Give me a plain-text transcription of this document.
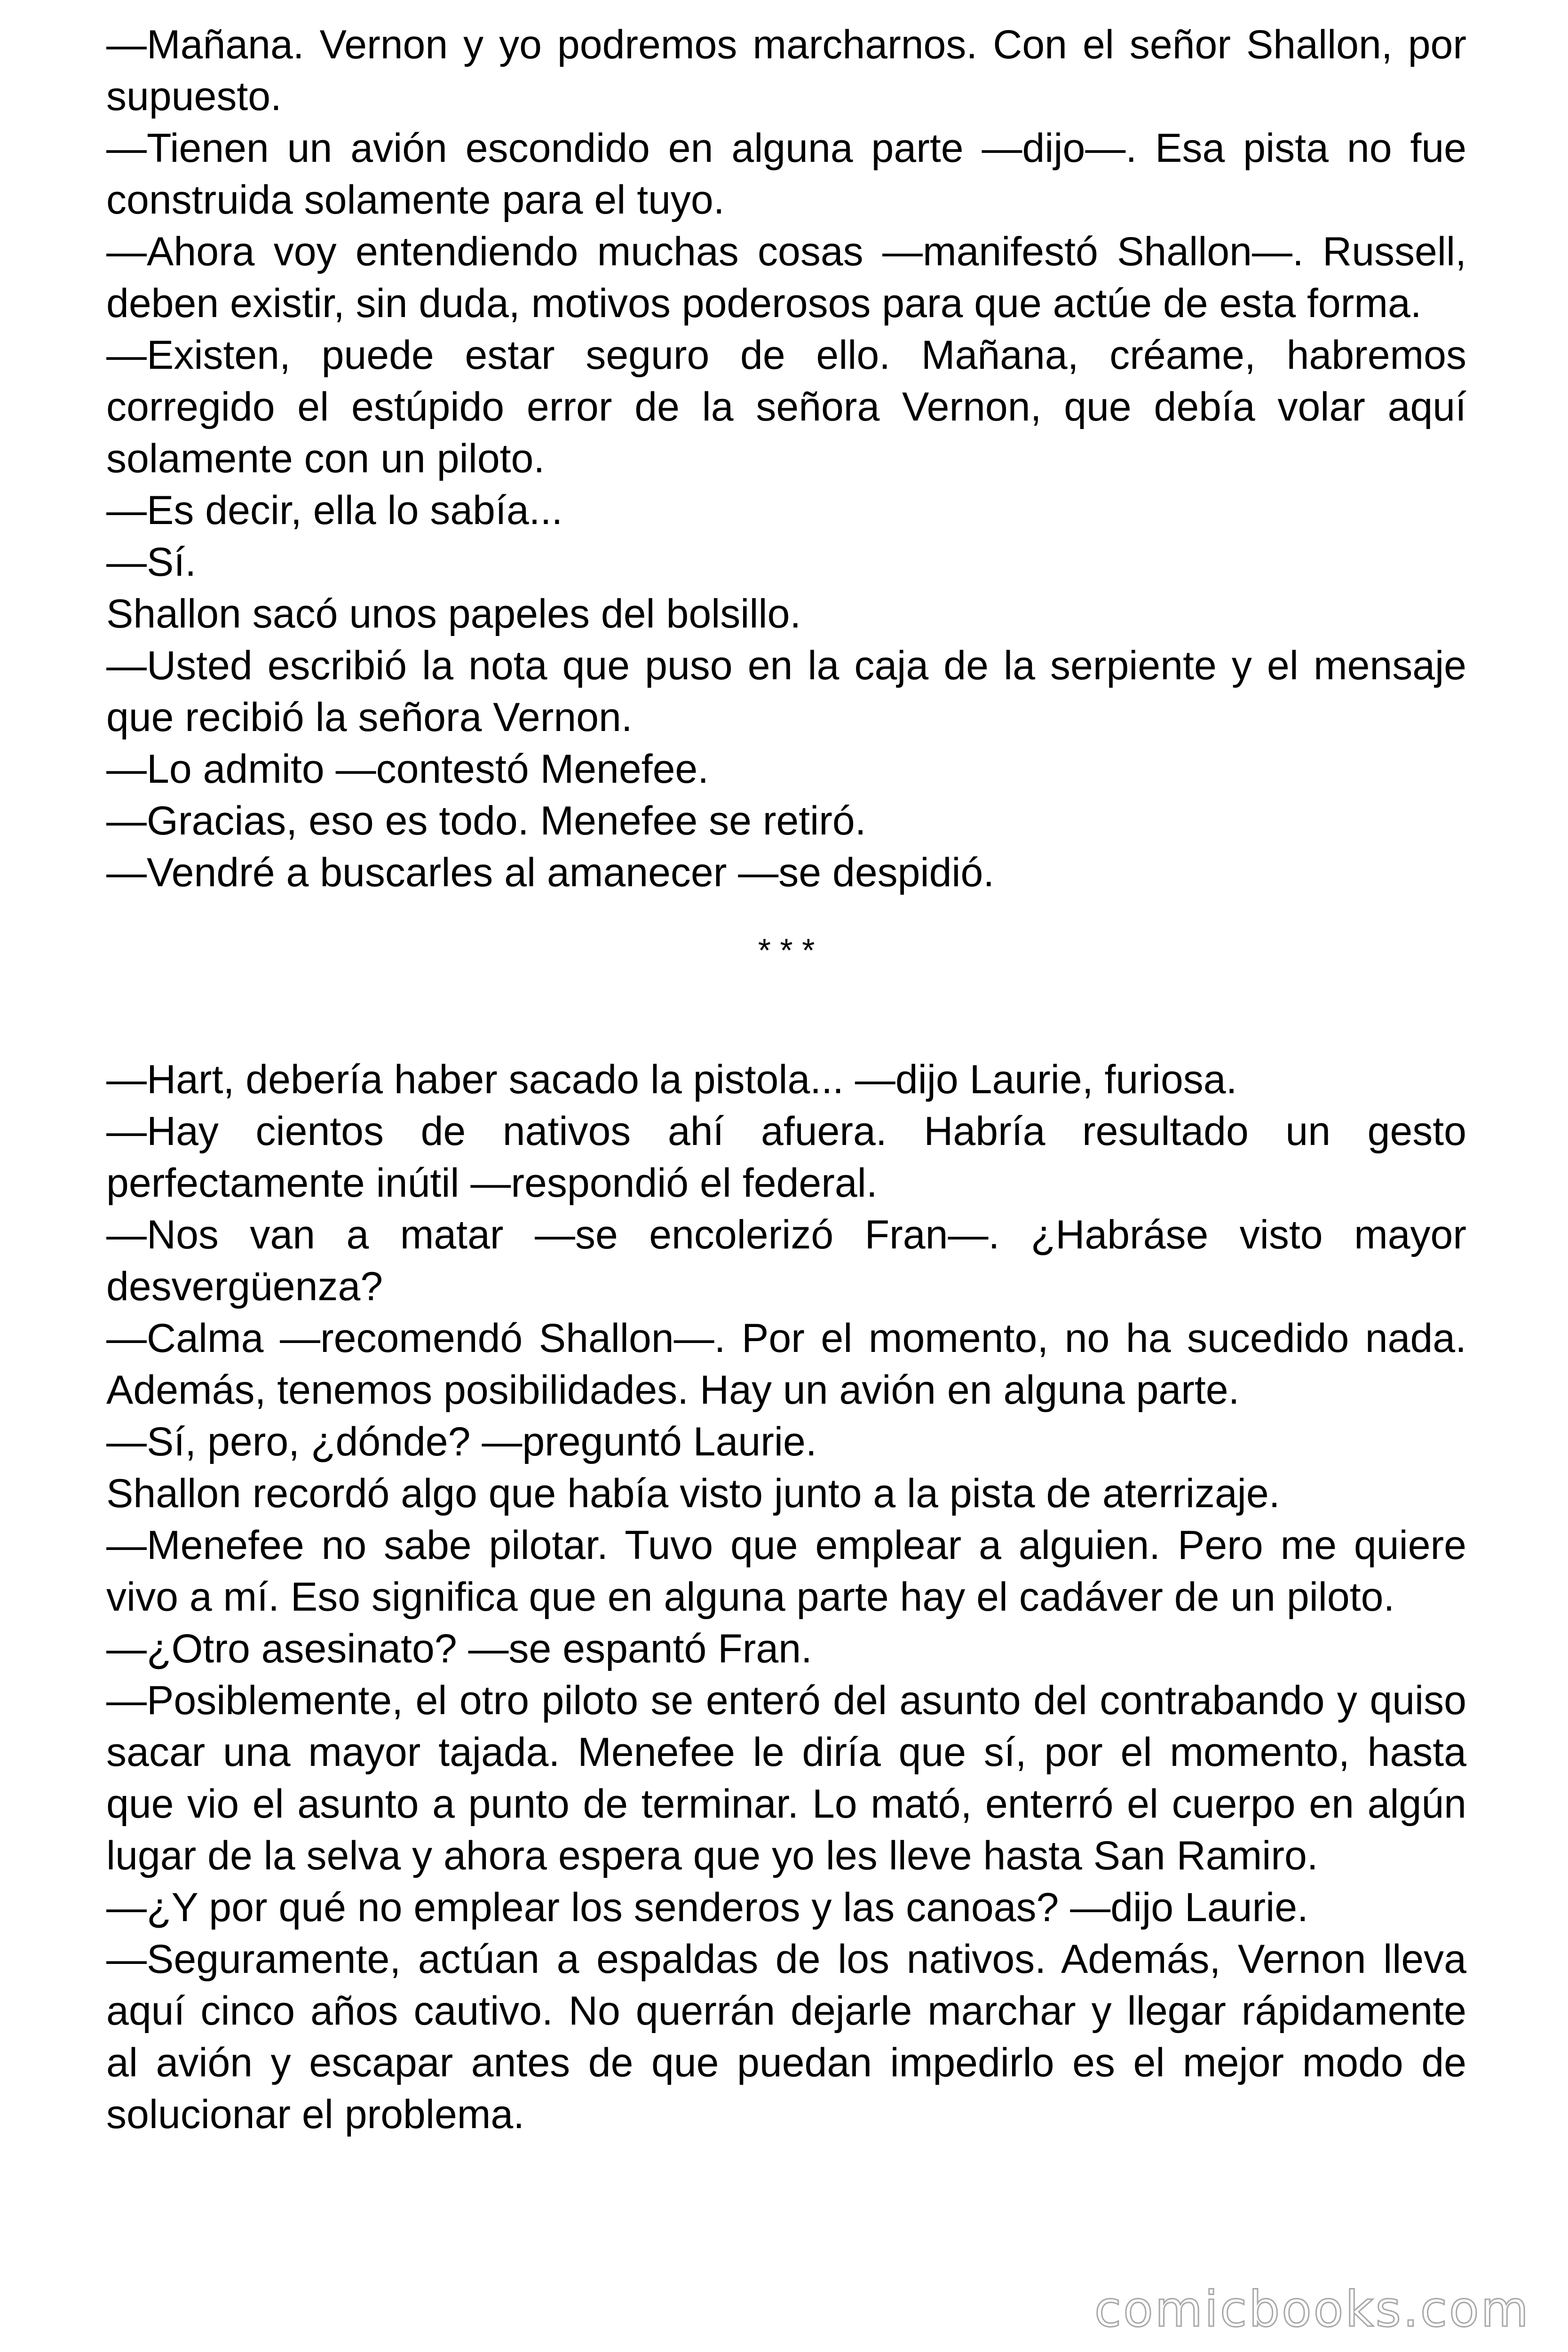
—Mañana. Vernon y yo podremos marcharnos. Con el señor Shallon, por supuesto.

—Tienen un avión escondido en alguna parte —dijo—. Esa pista no fue construida solamente para el tuyo.

—Ahora voy entendiendo muchas cosas —manifestó Shallon—. Russell, deben existir, sin duda, motivos poderosos para que actúe de esta forma.

—Existen, puede estar seguro de ello. Mañana, créame, habremos corregido el estúpido error de la señora Vernon, que debía volar aquí solamente con un piloto.

—Es decir, ella lo sabía...

—Sí.

Shallon sacó unos papeles del bolsillo.

—Usted escribió la nota que puso en la caja de la serpiente y el mensaje que recibió la señora Vernon.

—Lo admito —contestó Menefee.

—Gracias, eso es todo. Menefee se retiró.

—Vendré a buscarles al amanecer —se despidió.

* * *

—Hart, debería haber sacado la pistola... —dijo Laurie, furiosa.

—Hay cientos de nativos ahí afuera. Habría resultado un gesto perfectamente inútil —respondió el federal.

—Nos van a matar —se encolerizó Fran—. ¿Habráse visto mayor desvergüenza?

—Calma —recomendó Shallon—. Por el momento, no ha sucedido nada. Además, tenemos posibilidades. Hay un avión en alguna parte.

—Sí, pero, ¿dónde? —preguntó Laurie.

Shallon recordó algo que había visto junto a la pista de aterrizaje.

—Menefee no sabe pilotar. Tuvo que emplear a alguien. Pero me quiere vivo a mí. Eso significa que en alguna parte hay el cadáver de un piloto.

—¿Otro asesinato? —se espantó Fran.

—Posiblemente, el otro piloto se enteró del asunto del contrabando y quiso sacar una mayor tajada. Menefee le diría que sí, por el momento, hasta que vio el asunto a punto de terminar. Lo mató, enterró el cuerpo en algún lugar de la selva y ahora espera que yo les lleve hasta San Ramiro.

—¿Y por qué no emplear los senderos y las canoas? —dijo Laurie.

—Seguramente, actúan a espaldas de los nativos. Además, Vernon lleva aquí cinco años cautivo. No querrán dejarle marchar y llegar rápidamente al avión y escapar antes de que puedan impedirlo es el mejor modo de solucionar el problema.

comicbooks.com
